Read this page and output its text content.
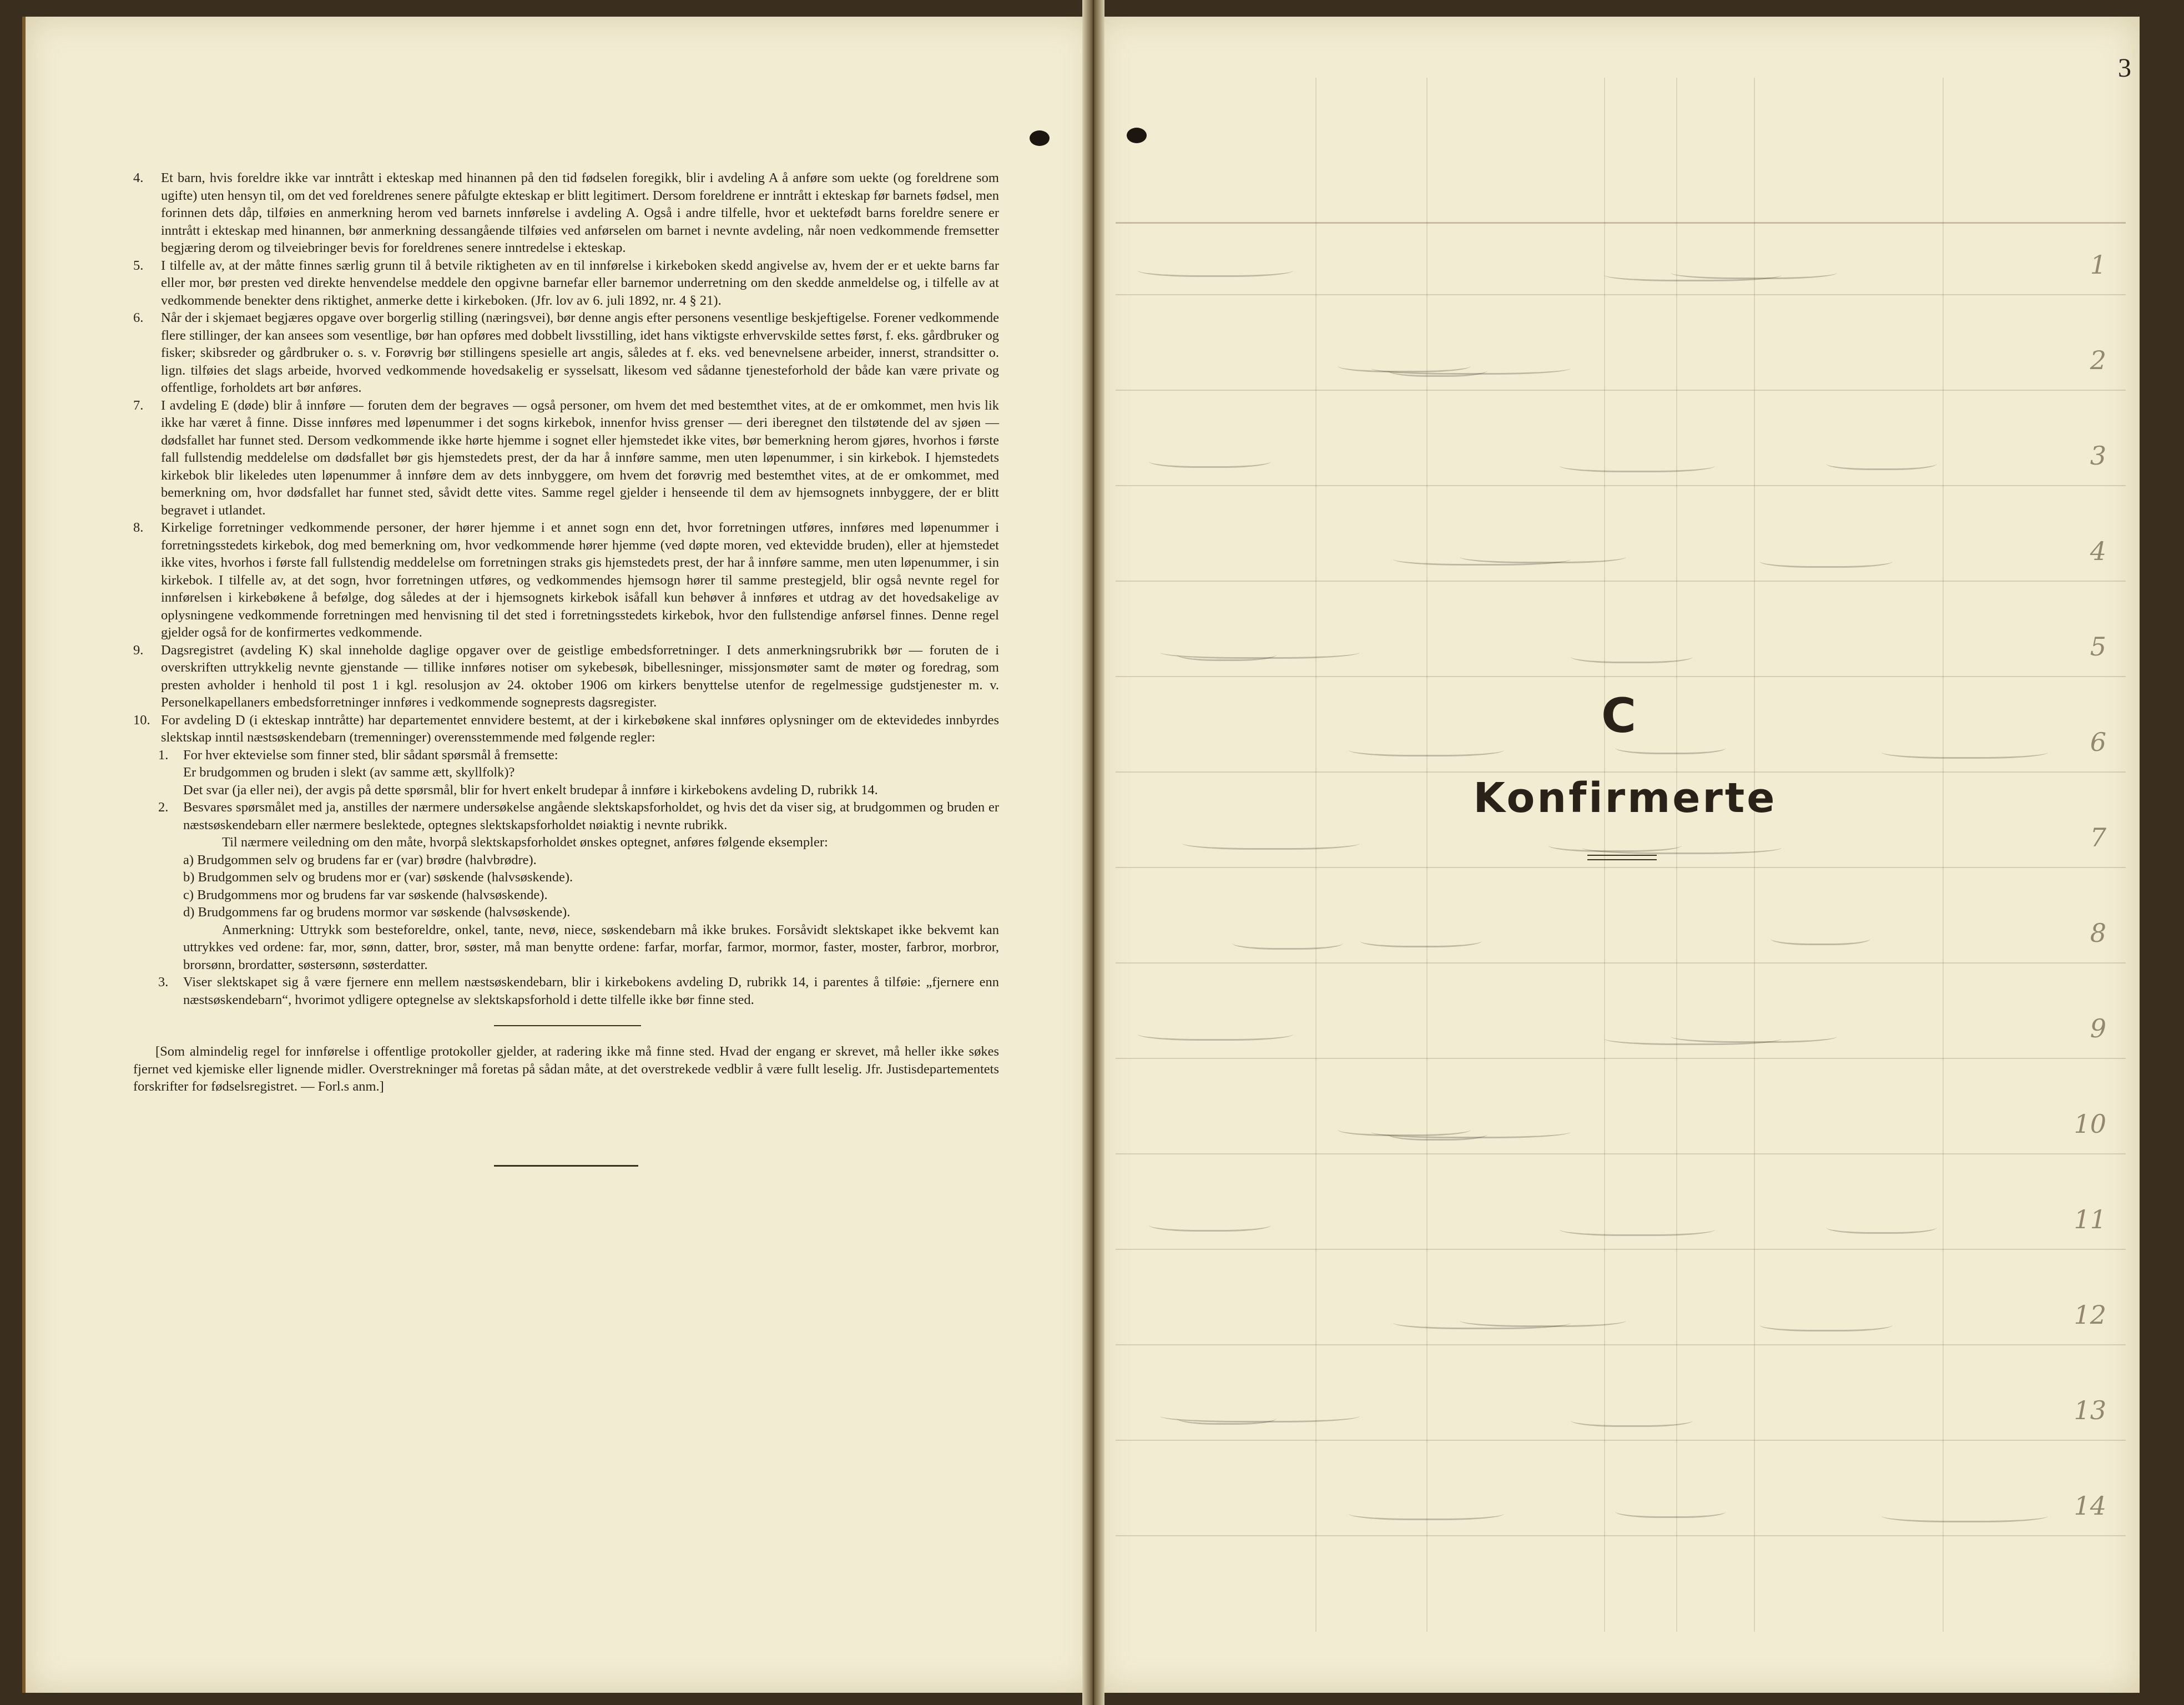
1
2
3
4
5
6
7
8
9
10
11
12
13
14
3
C
Konfirmerte
4.	Et barn, hvis foreldre ikke var inntrått i ekteskap med hinannen på den tid fødselen foregikk, blir i avdeling A å anføre som uekte (og foreldrene som ugifte) uten hensyn til, om det ved foreldrenes senere påfulgte ekteskap er blitt legitimert. Dersom foreldrene er inntrått i ekteskap før barnets fødsel, men forinnen dets dåp, tilføies en anmerkning herom ved barnets innførelse i avdeling A. Også i andre tilfelle, hvor et uektefødt barns foreldre senere er inntrått i ekteskap med hinannen, bør anmerkning dessangående tilføies ved anførselen om barnet i nevnte avdeling, når noen vedkommende fremsetter begjæring derom og tilveiebringer bevis for foreldrenes senere inntredelse i ekteskap.
5.	I tilfelle av, at der måtte finnes særlig grunn til å betvile riktigheten av en til innførelse i kirkeboken skedd angivelse av, hvem der er et uekte barns far eller mor, bør presten ved direkte henvendelse meddele den opgivne barnefar eller barnemor underretning om den skedde anmeldelse og, i tilfelle av at vedkommende benekter dens riktighet, anmerke dette i kirkeboken. (Jfr. lov av 6. juli 1892, nr. 4 § 21).
6.	Når der i skjemaet begjæres opgave over borgerlig stilling (næringsvei), bør denne angis efter personens vesentlige beskjeftigelse. Forener vedkommende flere stillinger, der kan ansees som vesentlige, bør han opføres med dobbelt livsstilling, idet hans viktigste erhvervskilde settes først, f. eks. gårdbruker og fisker; skibsreder og gårdbruker o. s. v. Forøvrig bør stillingens spesielle art angis, således at f. eks. ved benevnelsene arbeider, innerst, strandsitter o. lign. tilføies det slags arbeide, hvorved vedkommende hovedsakelig er sysselsatt, likesom ved sådanne tjenesteforhold der både kan være private og offentlige, forholdets art bør anføres.
7.	I avdeling E (døde) blir å innføre — foruten dem der begraves — også personer, om hvem det med bestemthet vites, at de er omkommet, men hvis lik ikke har været å finne. Disse innføres med løpenummer i det sogns kirkebok, innenfor hviss grenser — deri iberegnet den tilstøtende del av sjøen — dødsfallet har funnet sted. Dersom vedkommende ikke hørte hjemme i sognet eller hjemstedet ikke vites, bør bemerkning herom gjøres, hvorhos i første fall fullstendig meddelelse om dødsfallet bør gis hjemstedets prest, der da har å innføre samme, men uten løpenummer, i sin kirkebok. I hjemstedets kirkebok blir likeledes uten løpenummer å innføre dem av dets innbyggere, om hvem det forøvrig med bestemthet vites, at de er omkommet, med bemerkning om, hvor dødsfallet har funnet sted, såvidt dette vites. Samme regel gjelder i henseende til dem av hjemsognets innbyggere, der er blitt begravet i utlandet.
8.	Kirkelige forretninger vedkommende personer, der hører hjemme i et annet sogn enn det, hvor forretningen utføres, innføres med løpenummer i forretningsstedets kirkebok, dog med bemerkning om, hvor vedkommende hører hjemme (ved døpte moren, ved ektevidde bruden), eller at hjemstedet ikke vites, hvorhos i første fall fullstendig meddelelse om forretningen straks gis hjemstedets prest, der har å innføre samme, men uten løpenummer, i sin kirkebok. I tilfelle av, at det sogn, hvor forretningen utføres, og vedkommendes hjemsogn hører til samme prestegjeld, blir også nevnte regel for innførelsen i kirkebøkene å befølge, dog således at der i hjemsognets kirkebok isåfall kun behøver å innføres et utdrag av det hovedsakelige av oplysningene vedkommende forretningen med henvisning til det sted i forretningsstedets kirkebok, hvor den fullstendige anførsel finnes. Denne regel gjelder også for de konfirmertes vedkommende.
9.	Dagsregistret (avdeling K) skal inneholde daglige opgaver over de geistlige embedsforretninger. I dets anmerkningsrubrikk bør — foruten de i overskriften uttrykkelig nevnte gjenstande — tillike innføres notiser om sykebesøk, bibellesninger, missjonsmøter samt de møter og foredrag, som presten avholder i henhold til post 1 i kgl. resolusjon av 24. oktober 1906 om kirkers benyttelse utenfor de regelmessige gudstjenester m. v. Personelkapellaners embedsforretninger innføres i vedkommende sogneprests dagsregister.
10. For avdeling D (i ekteskap inntråtte) har departementet ennvidere bestemt, at der i kirkebøkene skal innføres oplysninger om de ektevidedes innbyrdes slektskap inntil næstsøskendebarn (tremenninger) overensstemmende med følgende regler:
1.	For hver ektevielse som finner sted, blir sådant spørsmål å fremsette:
Er brudgommen og bruden i slekt (av samme ætt, skyllfolk)?
Det svar (ja eller nei), der avgis på dette spørsmål, blir for hvert enkelt brudepar å innføre i kirkebokens avdeling D, rubrikk 14.
2.	Besvares spørsmålet med ja, anstilles der nærmere undersøkelse angående slektskapsforholdet, og hvis det da viser sig, at brudgommen og bruden er næstsøskendebarn eller nærmere beslektede, optegnes slektskapsforholdet nøiaktig i nevnte rubrikk.
Til nærmere veiledning om den måte, hvorpå slektskapsforholdet ønskes optegnet, anføres følgende eksempler:
a) Brudgommen selv og brudens far er (var) brødre (halvbrødre).
b) Brudgommen selv og brudens mor er (var) søskende (halvsøskende).
c) Brudgommens mor og brudens far var søskende (halvsøskende).
d) Brudgommens far og brudens mormor var søskende (halvsøskende).
Anmerkning: Uttrykk som besteforeldre, onkel, tante, nevø, niece, søskendebarn må ikke brukes. Forsåvidt slektskapet ikke bekvemt kan uttrykkes ved ordene: far, mor, sønn, datter, bror, søster, må man benytte ordene: farfar, morfar, farmor, mormor, faster, moster, farbror, morbror, brorsønn, brordatter, søstersønn, søsterdatter.
3.	Viser slektskapet sig å være fjernere enn mellem næstsøskendebarn, blir i kirkebokens avdeling D, rubrikk 14, i parentes å tilføie: „fjernere enn næstsøskendebarn“, hvorimot ydligere optegnelse av slektskapsforhold i dette tilfelle ikke bør finne sted.
[Som almindelig regel for innførelse i offentlige protokoller gjelder, at radering ikke må finne sted. Hvad der engang er skrevet, må heller ikke søkes fjernet ved kjemiske eller lignende midler. Overstrekninger må foretas på sådan måte, at det overstrekede vedblir å være fullt leselig. Jfr. Justisdepartementets forskrifter for fødselsregistret. — Forl.s anm.]
